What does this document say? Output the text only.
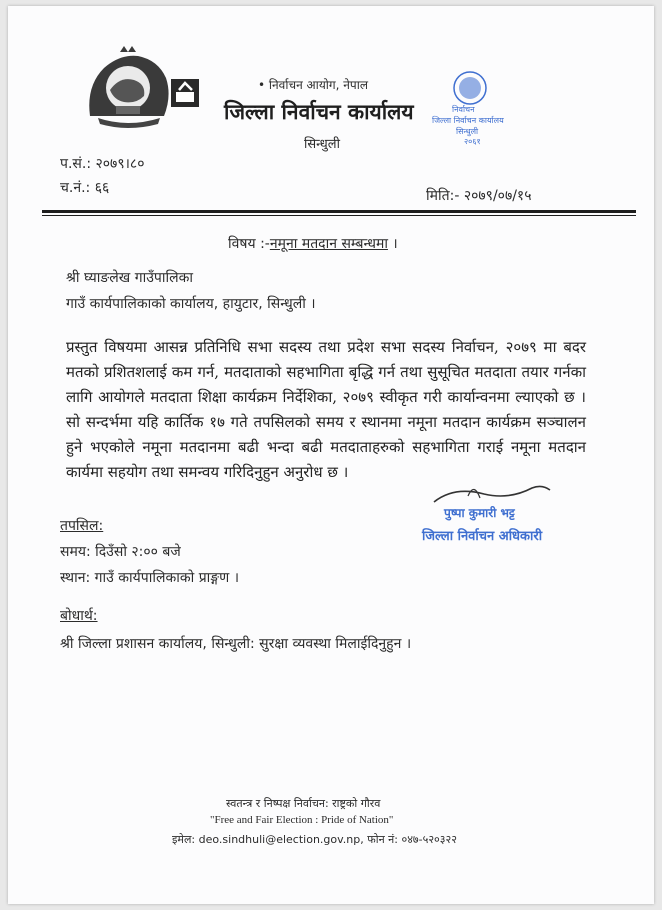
• निर्वाचन आयोग, नेपाल
जिल्ला निर्वाचन कार्यालय
सिन्धुली
निर्वाचन
जिल्ला निर्वाचन कार्यालय
सिन्धुली
२०६१
प.सं.: २०७९।८०
च.नं.: ६६	मिति:- २०७९/०७/१५
विषय :-नमूना मतदान सम्बन्धमा ।
श्री घ्याङलेख गाउँपालिका
गाउँ कार्यपालिकाको कार्यालय, हायुटार, सिन्धुली ।
प्रस्तुत विषयमा आसन्न प्रतिनिधि सभा सदस्य तथा प्रदेश सभा सदस्य निर्वाचन, २०७९ मा बदर मतको प्रशितशलाई कम गर्न, मतदाताको सहभागिता बृद्धि गर्न तथा सुसूचित मतदाता तयार गर्नका लागि आयोगले मतदाता शिक्षा कार्यक्रम निर्देशिका, २०७९ स्वीकृत गरी कार्यान्वनमा ल्याएको छ । सो सन्दर्भमा यहि कार्तिक १७ गते तपसिलको समय र स्थानमा नमूना मतदान कार्यक्रम सञ्चालन हुने भएकोले नमूना मतदानमा बढी भन्दा बढी मतदाताहरुको सहभागिता गराई नमूना मतदान कार्यमा सहयोग तथा समन्वय गरिदिनुहुन अनुरोध छ ।
पुष्पा कुमारी भट्ट
जिल्ला निर्वाचन अधिकारी
तपसिल:
समय: दिउँसो २:०० बजे
स्थान: गाउँ कार्यपालिकाको प्राङ्गण ।
बोधार्थ:
श्री जिल्ला प्रशासन कार्यालय, सिन्धुली: सुरक्षा व्यवस्था मिलाईदिनुहुन ।
स्वतन्त्र र निष्पक्ष निर्वाचन: राष्ट्रको गौरव
"Free and Fair Election : Pride of Nation"
इमेल: deo.sindhuli@election.gov.np, फोन नं: ०४७-५२०३२२
